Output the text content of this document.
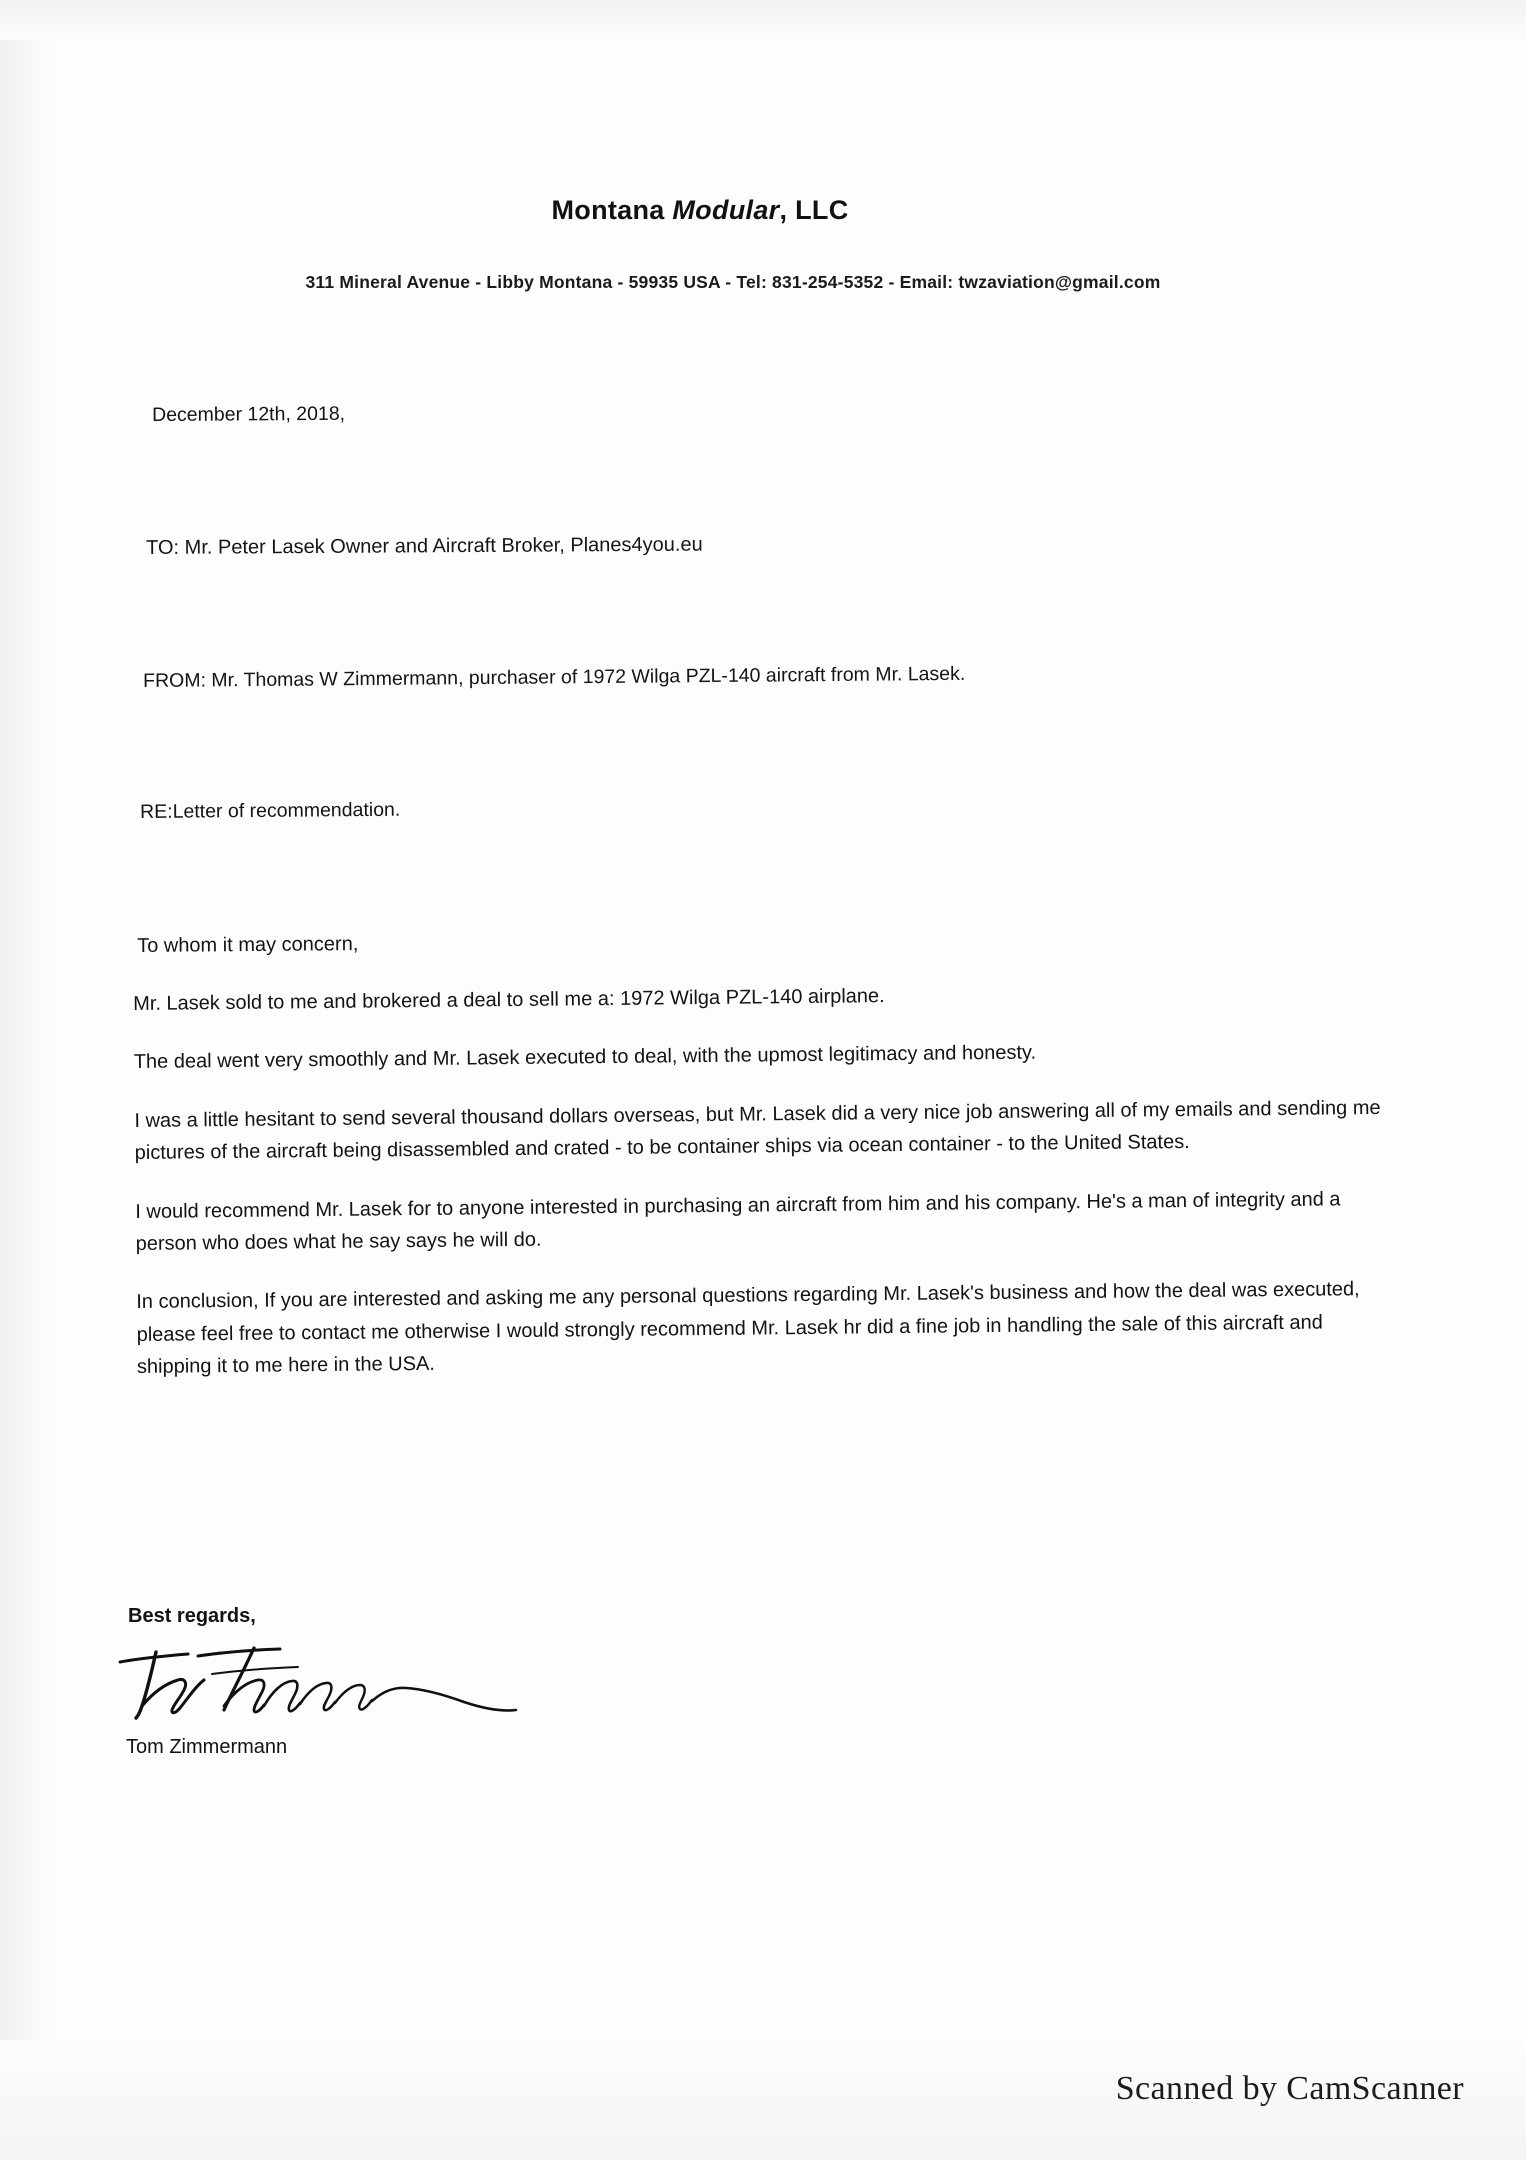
Montana Modular, LLC
311 Mineral Avenue - Libby Montana - 59935 USA - Tel: 831-254-5352 - Email: twzaviation@gmail.com
December 12th, 2018,
TO: Mr. Peter Lasek Owner and Aircraft Broker, Planes4you.eu
FROM: Mr. Thomas W Zimmermann, purchaser of 1972 Wilga PZL-140 aircraft from Mr. Lasek.
RE:Letter of recommendation.
To whom it may concern,

Mr. Lasek sold to me and brokered a deal to sell me a: 1972 Wilga PZL-140 airplane.

The deal went very smoothly and Mr. Lasek executed to deal, with the upmost legitimacy and honesty.

I was a little hesitant to send several thousand dollars overseas, but Mr. Lasek did a very nice job answering all of my emails and sending me pictures of the aircraft being disassembled and crated - to be container ships via ocean container - to the United States.

I would recommend Mr. Lasek for to anyone interested in purchasing an aircraft from him and his company. He's a man of integrity and a person who does what he say says he will do.

In conclusion, If you are interested and asking me any personal questions regarding Mr. Lasek's business and how the deal was executed, please feel free to contact me otherwise I would strongly recommend Mr. Lasek hr did a fine job in handling the sale of this aircraft and shipping it to me here in the USA.

Best regards,
Tom Zimmermann
Scanned by CamScanner
